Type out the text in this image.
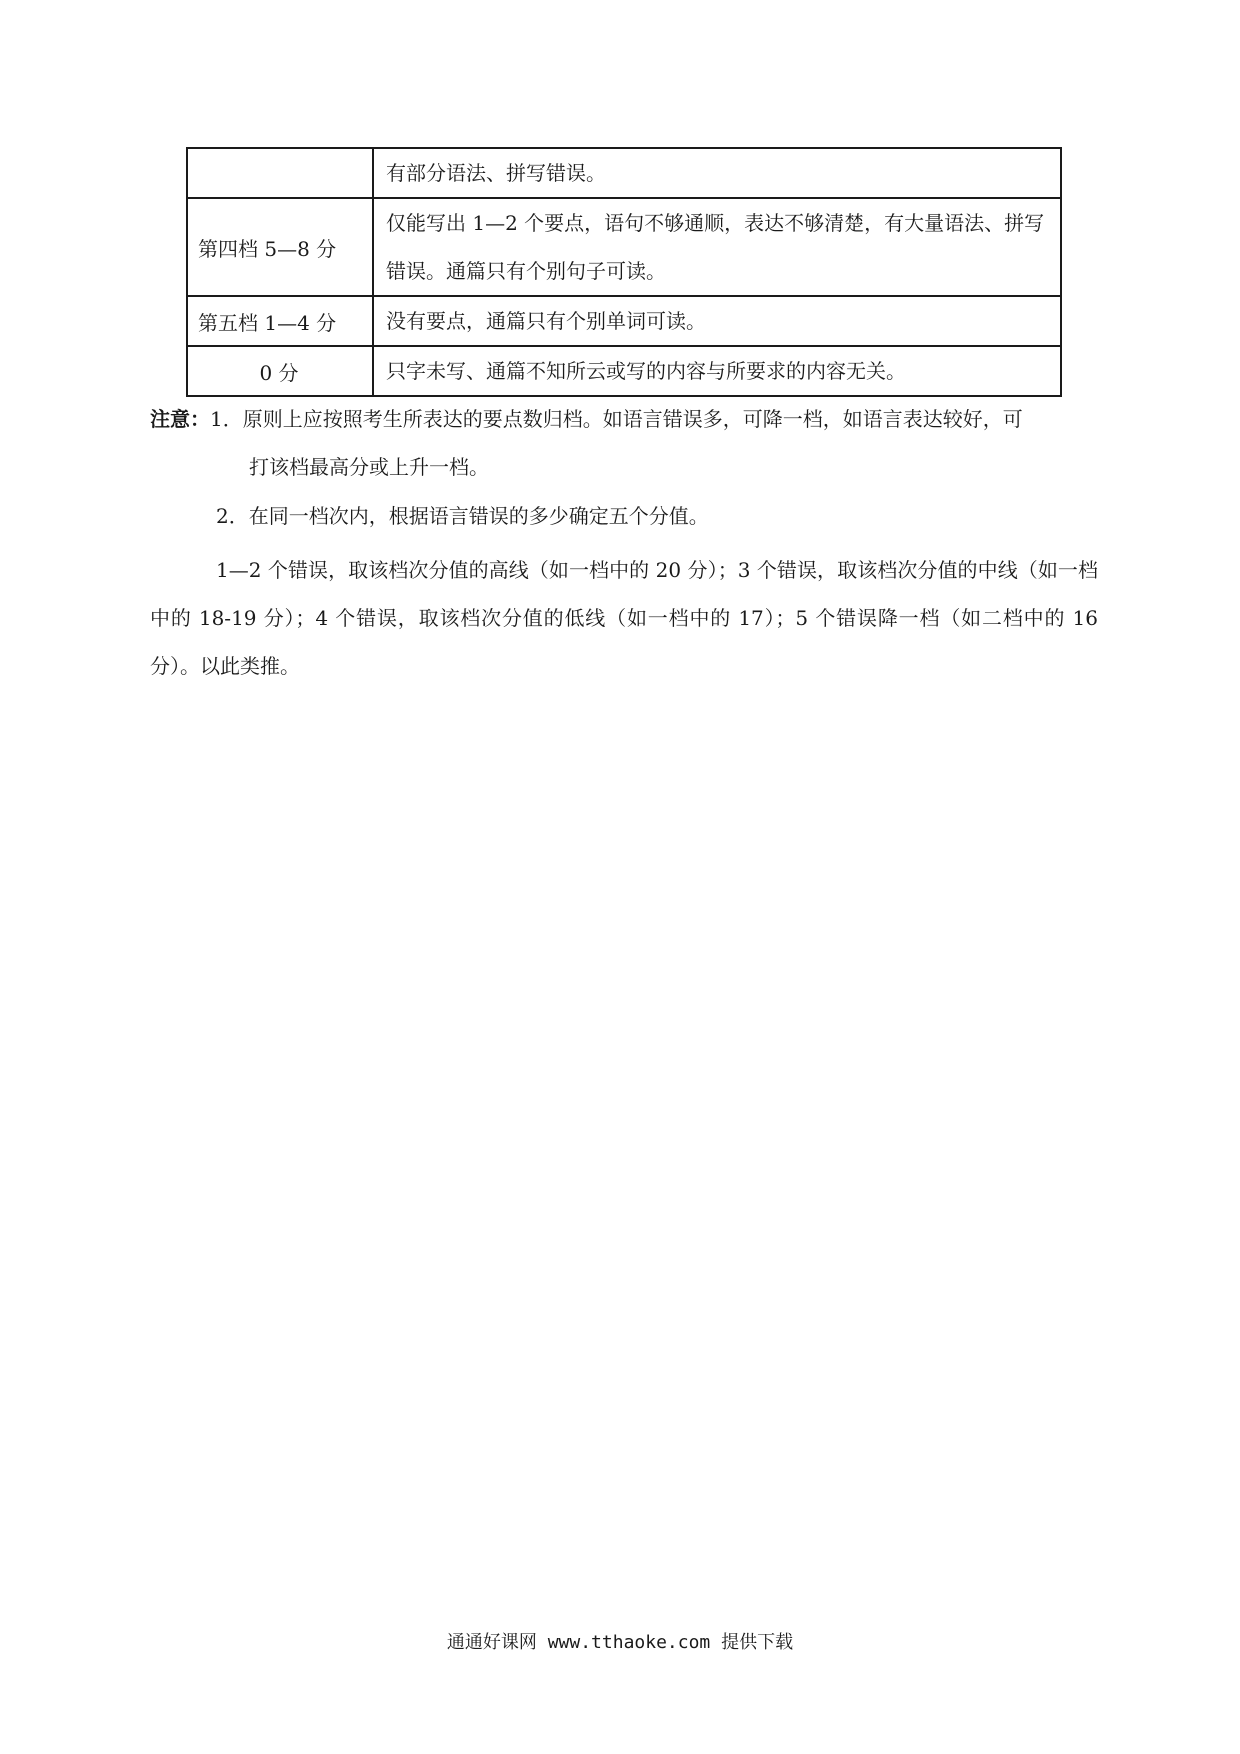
	有部分语法、拼写错误。
第四档 5—8 分	仅能写出 1—2 个要点，语句不够通顺，表达不够清楚，有大量语法、拼写错误。通篇只有个别句子可读。
第五档 1—4 分	没有要点，通篇只有个别单词可读。
0 分	只字未写、通篇不知所云或写的内容与所要求的内容无关。
注意：1．原则上应按照考生所表达的要点数归档。如语言错误多，可降一档，如语言表达较好，可
打该档最高分或上升一档。
2．在同一档次内，根据语言错误的多少确定五个分值。
1—2 个错误，取该档次分值的高线（如一档中的 20 分）；3 个错误，取该档次分值的中线（如一档中的 18-19 分）；4 个错误，取该档次分值的低线（如一档中的 17）；5 个错误降一档（如二档中的 16 分）。以此类推。
通通好课网 www.tthaoke.com 提供下载
